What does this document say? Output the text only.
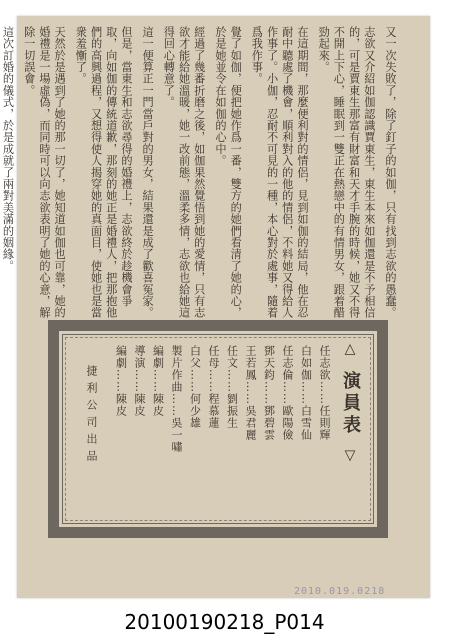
又一次失敗了，除了釘子的如伽，只有找到志欲的愚蠢。

志欲又介紹如伽認識賈東生，東生本來如伽還是不予相信的，可是賈東生那富有財富和天才手腕的時候，她又不得不開上下心，睡眠到一雙正在熱戀中的有情男女，跟着醋勁起來。

在這期間，那麼便利對的情侶，見到如伽的結局，他在忍耐中聽處了機會，順利對入的他的情侶，不料她又得給人作事了。小伽，忍耐不可見的一種，本心對於處事，隨着爲我作事。

覺了如伽，便把她作爲一番，雙方的她們看清了她的心，於是她並令在如伽的心中。

經過了幾番折磨之後，如伽果然覺悟到她的愛情，只有志欲才能給她溫暖，她一改前態，溫柔多情，志欲也給她這得回心轉意了。

這一便算正一門當戶對的男女，結果還是成了歡喜冤家。

但是，當東生和志欲尋得的婚禮上，志欲終於趁機會爭取，向如伽的傳統道歉，那刻的她正是婚禮人，把那抱他們的高興過程，又想得使人揭穿她的真面目，使她也是當衆羞慚了。

天然於是遇到了她的那一切了，她知道如伽也可靠，她的婚禮是一場虛偽，而同時可以向志欲表明了她的心意，解除一切誤會。

這次訂婚的儀式，於是成就了兩對美滿的姻緣。

△ 演員表 ▽
任志欲……任則輝
白如伽……白雪仙
任志倫……歐陽儉
鄧天鈞……鄧碧雲
王若鳳……吳君麗
任文……劉振生
任母……程慕蓮
白父……何少雄
製片作曲……吳一嘯
編劇……陳皮
導演……陳皮
編劇……陳皮
捷利公司出品
2010.019.0218
20100190218_P014
